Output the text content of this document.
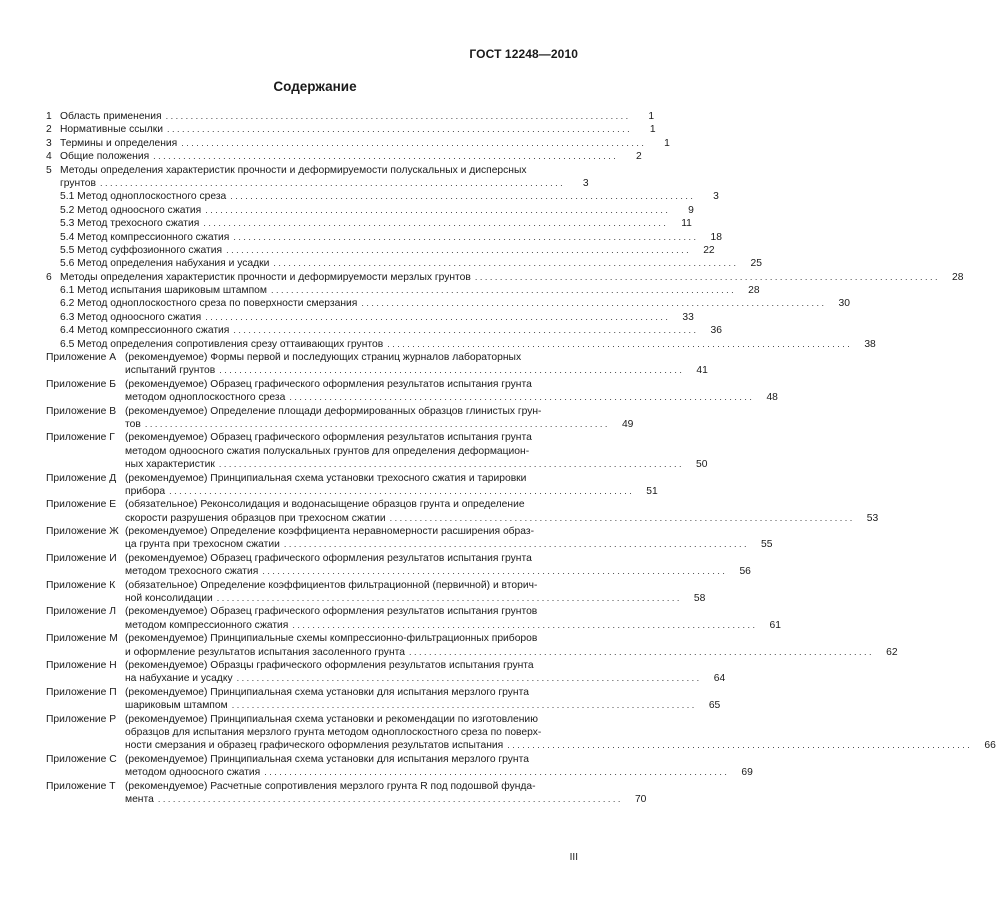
ГОСТ 12248—2010
Содержание
1 Область применения . . .	1
2 Нормативные ссылки . . .	1
3 Термины и определения . . .	1
4 Общие положения . . .	2
5 Методы определения характеристик прочности и деформируемости полускальных и дисперсных
грунтов . . .	3
5.1 Метод одноплоскостного среза . . .	3
5.2 Метод одноосного сжатия . . .	9
5.3 Метод трехосного сжатия . . .	11
5.4 Метод компрессионного сжатия . . .	18
5.5 Метод суффозионного сжатия . . .	22
5.6 Метод определения набухания и усадки . . .	25
6 Методы определения характеристик прочности и деформируемости мерзлых грунтов . . .	28
6.1 Метод испытания шариковым штампом . . .	28
6.2 Метод одноплоскостного среза по поверхности смерзания . . .	30
6.3 Метод одноосного сжатия . . .	33
6.4 Метод компрессионного сжатия . . .	36
6.5 Метод определения сопротивления срезу оттаивающих грунтов . . .	38
Приложение А (рекомендуемое) Формы первой и последующих страниц журналов лабораторных
испытаний грунтов . . .	41
Приложение Б (рекомендуемое) Образец графического оформления результатов испытания грунта
методом одноплоскостного среза . . .	48
Приложение В (рекомендуемое) Определение площади деформированных образцов глинистых грун-
тов . . .	49
Приложение Г (рекомендуемое) Образец графического оформления результатов испытания грунта
методом одноосного сжатия полускальных грунтов для определения деформацион-
ных характеристик . . .	50
Приложение Д (рекомендуемое) Принципиальная схема установки трехосного сжатия и тарировки
прибора . . .	51
Приложение Е (обязательное) Реконсолидация и водонасыщение образцов грунта и определение
скорости разрушения образцов при трехосном сжатии . . .	53
Приложение Ж (рекомендуемое) Определение коэффициента неравномерности расширения образ-
ца грунта при трехосном сжатии . . .	55
Приложение И (рекомендуемое) Образец графического оформления результатов испытания грунта
методом трехосного сжатия . . .	56
Приложение К (обязательное) Определение коэффициентов фильтрационной (первичной) и вторич-
ной консолидации . . .	58
Приложение Л (рекомендуемое) Образец графического оформления результатов испытания грунтов
методом компрессионного сжатия . . .	61
Приложение М (рекомендуемое) Принципиальные схемы компрессионно-фильтрационных приборов
и оформление результатов испытания засоленного грунта . . .	62
Приложение Н (рекомендуемое) Образцы графического оформления результатов испытания грунта
на набухание и усадку . . .	64
Приложение П (рекомендуемое) Принципиальная схема установки для испытания мерзлого грунта
шариковым штампом . . .	65
Приложение Р (рекомендуемое) Принципиальная схема установки и рекомендации по изготовлению
образцов для испытания мерзлого грунта методом одноплоскостного среза по поверх-
ности смерзания и образец графического оформления результатов испытания . . .	66
Приложение С (рекомендуемое) Принципиальная схема установки для испытания мерзлого грунта
методом одноосного сжатия . . .	69
Приложение Т (рекомендуемое) Расчетные сопротивления мерзлого грунта R под подошвой фунда-
мента . . .	70
III
